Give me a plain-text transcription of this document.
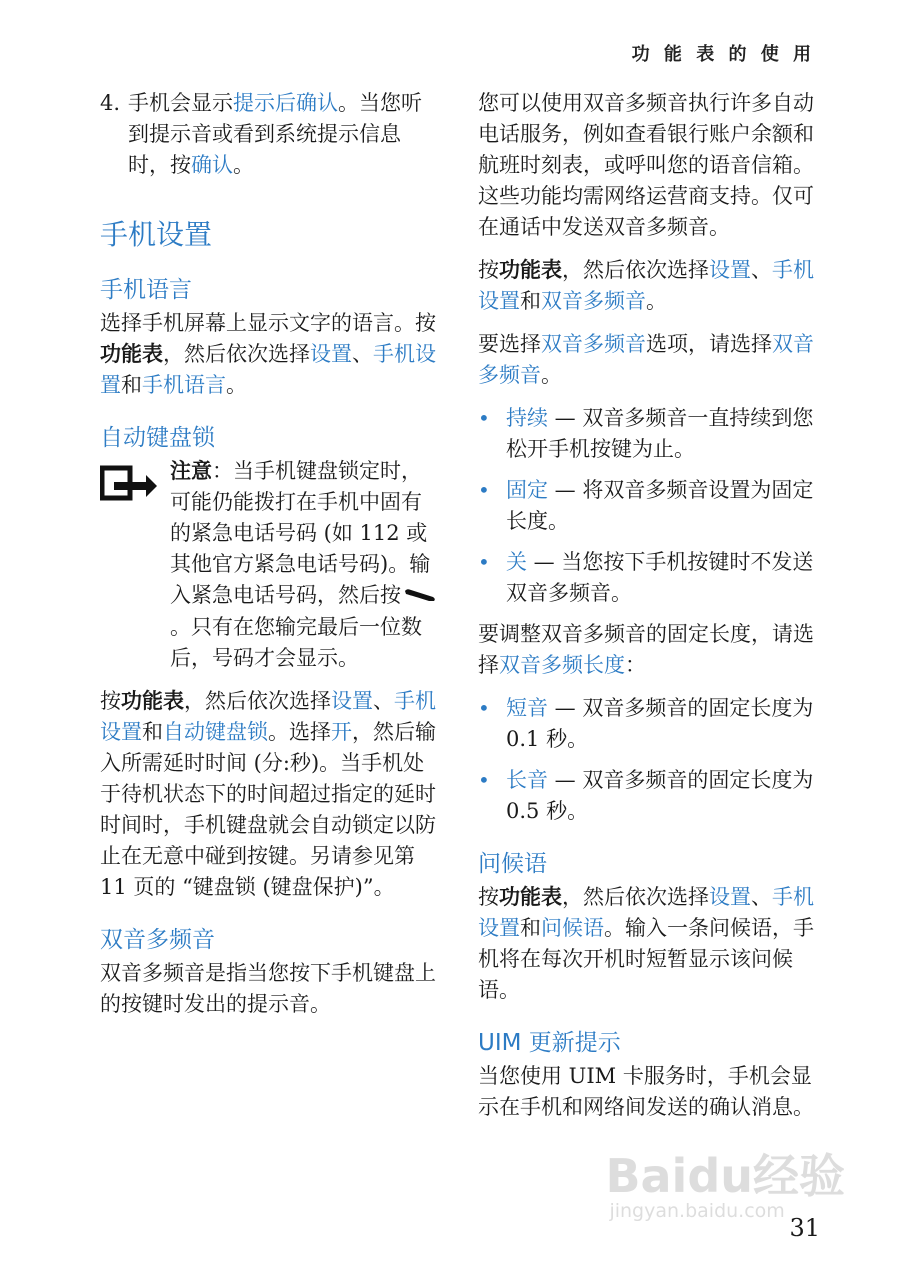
功 能 表 的 使 用

4. 手机会显示提示后确认。当您听到提示音或看到系统提示信息时，按确认。

手机设置
手机语言

选择手机屏幕上显示文字的语言。按功能表，然后依次选择设置、手机设置和手机语言。

自动键盘锁

注意：当手机键盘锁定时，可能仍能拨打在手机中固有的紧急电话号码 (如 112 或其他官方紧急电话号码)。输入紧急电话号码，然后按。只有在您输完最后一位数后，号码才会显示。

按功能表，然后依次选择设置、手机设置和自动键盘锁。选择开，然后输入所需延时时间 (分:秒)。当手机处于待机状态下的时间超过指定的延时时间时，手机键盘就会自动锁定以防止在无意中碰到按键。另请参见第 11 页的 “键盘锁 (键盘保护)”。

双音多频音

双音多频音是指当您按下手机键盘上的按键时发出的提示音。

您可以使用双音多频音执行许多自动电话服务，例如查看银行账户余额和航班时刻表，或呼叫您的语音信箱。这些功能均需网络运营商支持。仅可在通话中发送双音多频音。

按功能表，然后依次选择设置、手机设置和双音多频音。

要选择双音多频音选项，请选择双音多频音。

• 持续 — 双音多频音一直持续到您松开手机按键为止。
• 固定 — 将双音多频音设置为固定长度。
• 关 — 当您按下手机按键时不发送双音多频音。

要调整双音多频音的固定长度，请选择双音多频长度：

• 短音 — 双音多频音的固定长度为 0.1 秒。
• 长音 — 双音多频音的固定长度为 0.5 秒。
问候语

按功能表，然后依次选择设置、手机设置和问候语。输入一条问候语，手机将在每次开机时短暂显示该问候语。

UIM 更新提示

当您使用 UIM 卡服务时，手机会显示在手机和网络间发送的确认消息。

Baidu经验
jingyan.baidu.com
31
